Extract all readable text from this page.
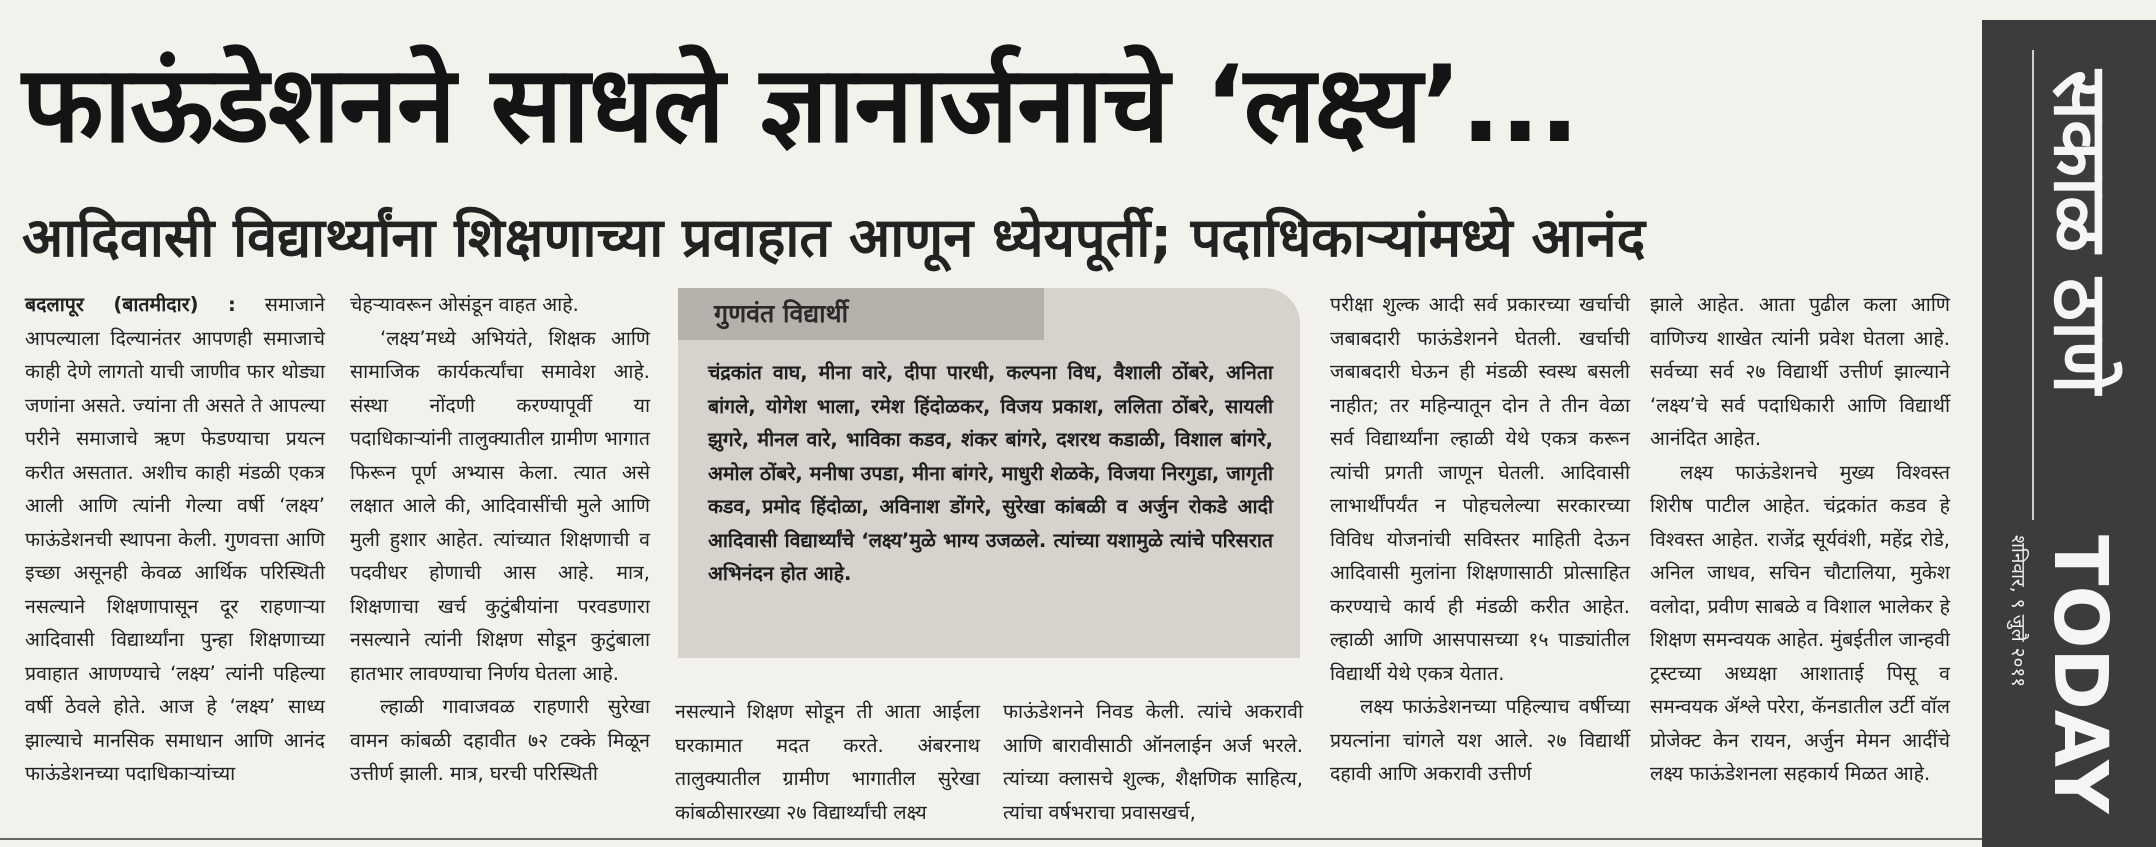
फाऊंडेशनने साधले ज्ञानार्जनाचे ‘लक्ष्य’...
आदिवासी विद्यार्थ्यांना शिक्षणाच्या प्रवाहात आणून ध्येयपूर्ती; पदाधिकाऱ्यांमध्ये आनंद

बदलापूर (बातमीदार) : समाजाने आपल्याला दिल्यानंतर आपणही समाजाचे काही देणे लागतो याची जाणीव फार थोड्या जणांना असते. ज्यांना ती असते ते आपल्या परीने समाजाचे ऋण फेडण्याचा प्रयत्न करीत असतात. अशीच काही मंडळी एकत्र आली आणि त्यांनी गेल्या वर्षी ‘लक्ष्य’ फाऊंडेशनची स्थापना केली. गुणवत्ता आणि इच्छा असूनही केवळ आर्थिक परिस्थिती नसल्याने शिक्षणापासून दूर राहणाऱ्या आदिवासी विद्यार्थ्यांना पुन्हा शिक्षणाच्या प्रवाहात आणण्याचे ‘लक्ष्य’ त्यांनी पहिल्या वर्षी ठेवले होते. आज हे ‘लक्ष्य’ साध्य झाल्याचे मानसिक समाधान आणि आनंद फाऊंडेशनच्या पदाधिकाऱ्यांच्या

चेहऱ्यावरून ओसंडून वाहत आहे.

‘लक्ष्य’मध्ये अभियंते, शिक्षक आणि सामाजिक कार्यकर्त्यांचा समावेश आहे. संस्था नोंदणी करण्यापूर्वी या पदाधिकाऱ्यांनी तालुक्यातील ग्रामीण भागात फिरून पूर्ण अभ्यास केला. त्यात असे लक्षात आले की, आदिवासींची मुले आणि मुली हुशार आहेत. त्यांच्यात शिक्षणाची व पदवीधर होणाची आस आहे. मात्र, शिक्षणाचा खर्च कुटुंबीयांना परवडणारा नसल्याने त्यांनी शिक्षण सोडून कुटुंबाला हातभार लावण्याचा निर्णय घेतला आहे.

ल्हाळी गावाजवळ राहणारी सुरेखा वामन कांबळी दहावीत ७२ टक्के मिळून उत्तीर्ण झाली. मात्र, घरची परिस्थिती

गुणवंत विद्यार्थी
चंद्रकांत वाघ, मीना वारे, दीपा पारधी, कल्पना विध, वैशाली ठोंबरे, अनिता बांगले, योगेश भाला, रमेश हिंदोळकर, विजय प्रकाश, ललिता ठोंबरे, सायली झुगरे, मीनल वारे, भाविका कडव, शंकर बांगरे, दशरथ कडाळी, विशाल बांगरे, अमोल ठोंबरे, मनीषा उपडा, मीना बांगरे, माधुरी शेळके, विजया निरगुडा, जागृती कडव, प्रमोद हिंदोळा, अविनाश डोंगरे, सुरेखा कांबळी व अर्जुन रोकडे आदी आदिवासी विद्यार्थ्यांचे ‘लक्ष्य’मुळे भाग्य उजळले. त्यांच्या यशामुळे त्यांचे परिसरात अभिनंदन होत आहे.

नसल्याने शिक्षण सोडून ती आता आईला घरकामात मदत करते. अंबरनाथ तालुक्यातील ग्रामीण भागातील सुरेखा कांबळीसारख्या २७ विद्यार्थ्यांची लक्ष्य

फाऊंडेशनने निवड केली. त्यांचे अकरावी आणि बारावीसाठी ऑनलाईन अर्ज भरले. त्यांच्या क्लासचे शुल्क, शैक्षणिक साहित्य, त्यांचा वर्षभराचा प्रवासखर्च,

परीक्षा शुल्क आदी सर्व प्रकारच्या खर्चाची जबाबदारी फाऊंडेशनने घेतली. खर्चाची जबाबदारी घेऊन ही मंडळी स्वस्थ बसली नाहीत; तर महिन्यातून दोन ते तीन वेळा सर्व विद्यार्थ्यांना ल्हाळी येथे एकत्र करून त्यांची प्रगती जाणून घेतली. आदिवासी लाभार्थींपर्यंत न पोहचलेल्या सरकारच्या विविध योजनांची सविस्तर माहिती देऊन आदिवासी मुलांना शिक्षणासाठी प्रोत्साहित करण्याचे कार्य ही मंडळी करीत आहेत. ल्हाळी आणि आसपासच्या १५ पाड्यांतील विद्यार्थी येथे एकत्र येतात.

लक्ष्य फाऊंडेशनच्या पहिल्याच वर्षीच्या प्रयत्नांना चांगले यश आले. २७ विद्यार्थी दहावी आणि अकरावी उत्तीर्ण

झाले आहेत. आता पुढील कला आणि वाणिज्य शाखेत त्यांनी प्रवेश घेतला आहे. सर्वच्या सर्व २७ विद्यार्थी उत्तीर्ण झाल्याने ‘लक्ष्य’चे सर्व पदाधिकारी आणि विद्यार्थी आनंदित आहेत.

लक्ष्य फाऊंडेशनचे मुख्य विश्वस्त शिरीष पाटील आहेत. चंद्रकांत कडव हे विश्वस्त आहेत. राजेंद्र सूर्यवंशी, महेंद्र रोडे, अनिल जाधव, सचिन चौटालिया, मुकेश वलोदा, प्रवीण साबळे व विशाल भालेकर हे शिक्षण समन्वयक आहेत. मुंबईतील जान्हवी ट्रस्टच्या अध्यक्षा आशाताई पिसू व समन्वयक ॲश्ले परेरा, कॅनडातील उर्टी वॉल प्रोजेक्ट केन रायन, अर्जुन मेमन आदींचे लक्ष्य फाऊंडेशनला सहकार्य मिळत आहे.

सकाळ ठाणे
TODAY
शनिवार, ९ जुलै २०११
